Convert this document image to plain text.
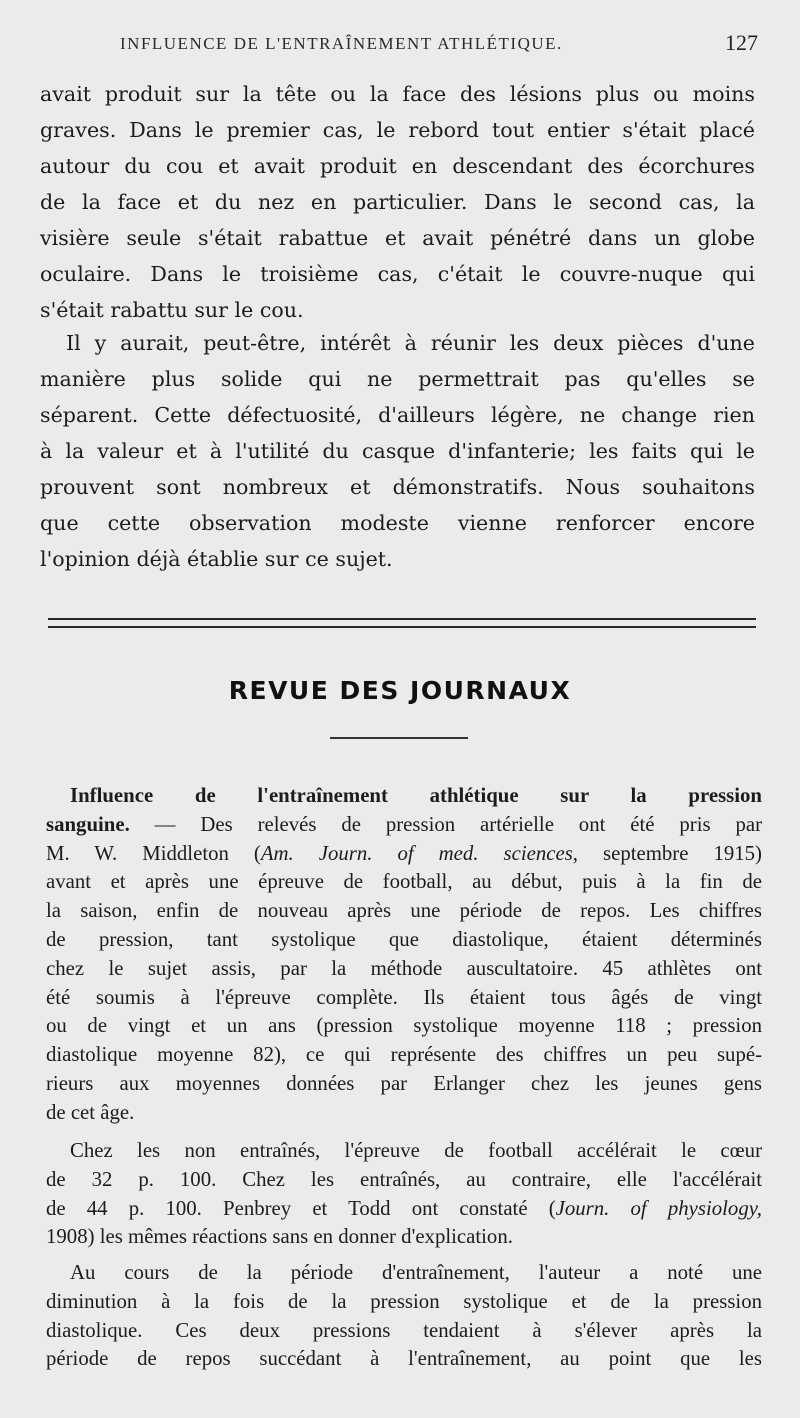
INFLUENCE DE L'ENTRAÎNEMENT ATHLÉTIQUE.	127
avait produit sur la tête ou la face des lésions plus ou moins
graves. Dans le premier cas, le rebord tout entier s'était placé
autour du cou et avait produit en descendant des écorchures
de la face et du nez en particulier. Dans le second cas, la
visière seule s'était rabattue et avait pénétré dans un globe
oculaire. Dans le troisième cas, c'était le couvre-nuque qui
s'était rabattu sur le cou.
Il y aurait, peut-être, intérêt à réunir les deux pièces d'une
manière plus solide qui ne permettrait pas qu'elles se
séparent. Cette défectuosité, d'ailleurs légère, ne change rien
à la valeur et à l'utilité du casque d'infanterie; les faits qui le
prouvent sont nombreux et démonstratifs. Nous souhaitons
que cette observation modeste vienne renforcer encore
l'opinion déjà établie sur ce sujet.
REVUE DES JOURNAUX
Influence de l'entraînement athlétique sur la pression
sanguine. — Des relevés de pression artérielle ont été pris par
M. W. Middleton (Am. Journ. of med. sciences, septembre 1915)
avant et après une épreuve de football, au début, puis à la fin de
la saison, enfin de nouveau après une période de repos. Les chiffres
de pression, tant systolique que diastolique, étaient déterminés
chez le sujet assis, par la méthode auscultatoire. 45 athlètes ont
été soumis à l'épreuve complète. Ils étaient tous âgés de vingt
ou de vingt et un ans (pression systolique moyenne 118 ; pression
diastolique moyenne 82), ce qui représente des chiffres un peu supé-
rieurs aux moyennes données par Erlanger chez les jeunes gens
de cet âge.
Chez les non entraînés, l'épreuve de football accélérait le cœur
de 32 p. 100. Chez les entraînés, au contraire, elle l'accélérait
de 44 p. 100. Penbrey et Todd ont constaté (Journ. of physiology,
1908) les mêmes réactions sans en donner d'explication.
Au cours de la période d'entraînement, l'auteur a noté une
diminution à la fois de la pression systolique et de la pression
diastolique. Ces deux pressions tendaient à s'élever après la
période de repos succédant à l'entraînement, au point que les
